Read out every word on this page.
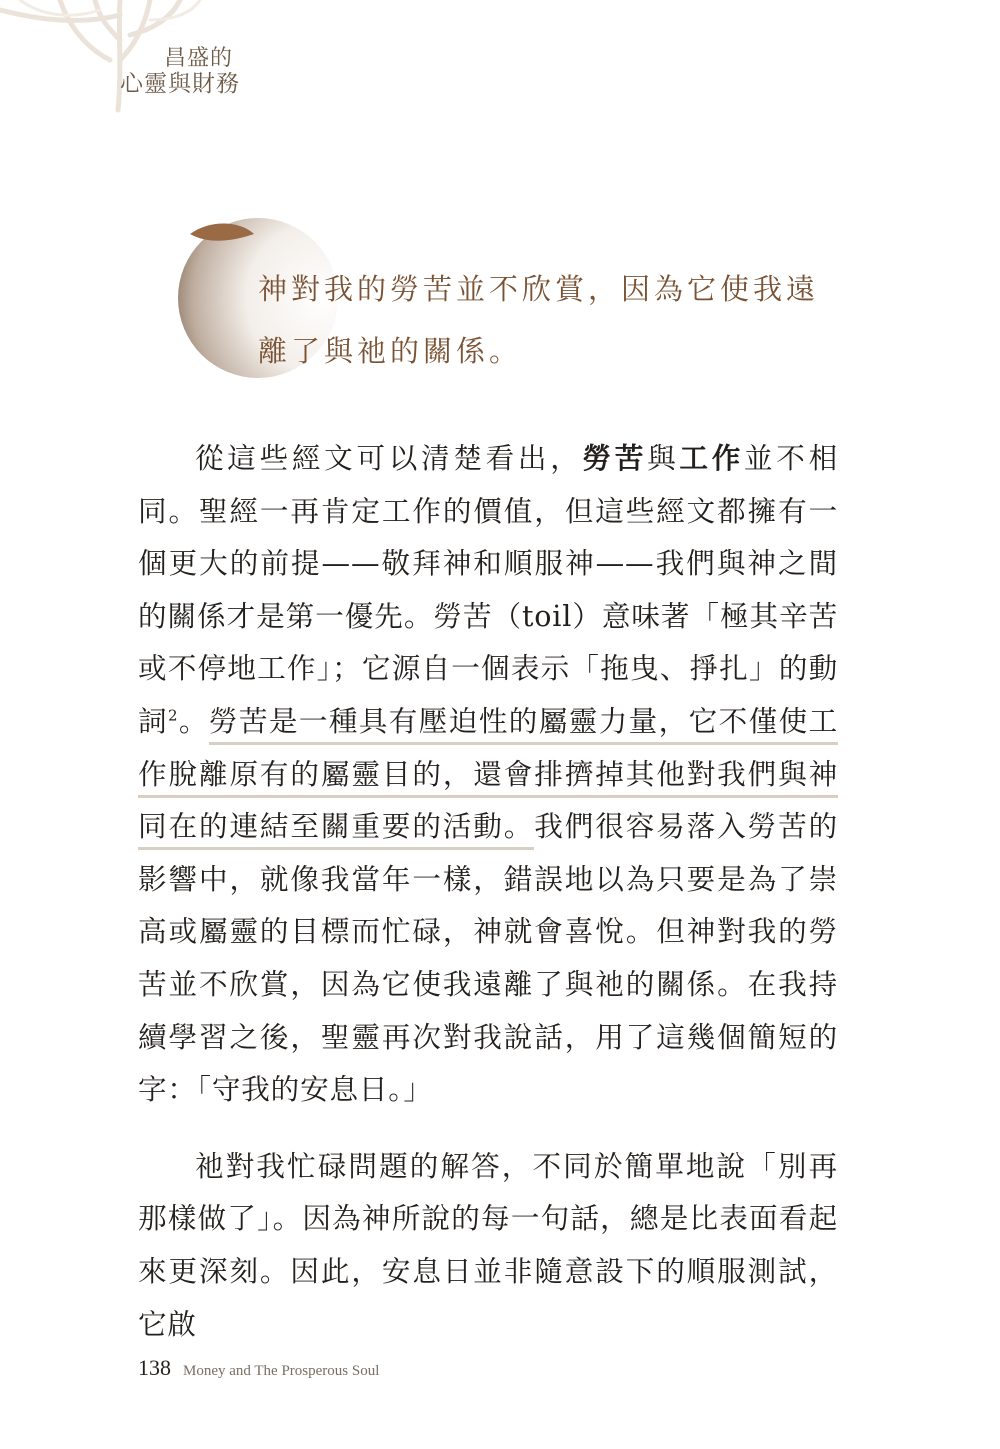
昌盛的
心靈與財務
神對我的勞苦並不欣賞，因為它使我遠離了與祂的關係。

從這些經文可以清楚看出，勞苦與工作並不相同。聖經一再肯定工作的價值，但這些經文都擁有一個更大的前提——敬拜神和順服神——我們與神之間的關係才是第一優先。勞苦（toil）意味著「極其辛苦或不停地工作」；它源自一個表示「拖曳、掙扎」的動詞$^2$。勞苦是一種具有壓迫性的屬靈力量，它不僅使工作脫離原有的屬靈目的，還會排擠掉其他對我們與神同在的連結至關重要的活動。我們很容易落入勞苦的影響中，就像我當年一樣，錯誤地以為只要是為了崇高或屬靈的目標而忙碌，神就會喜悅。但神對我的勞苦並不欣賞，因為它使我遠離了與祂的關係。在我持續學習之後，聖靈再次對我說話，用了這幾個簡短的字：「守我的安息日。」

祂對我忙碌問題的解答，不同於簡單地說「別再那樣做了」。因為神所說的每一句話，總是比表面看起來更深刻。因此，安息日並非隨意設下的順服測試，它啟

138 Money and The Prosperous Soul
